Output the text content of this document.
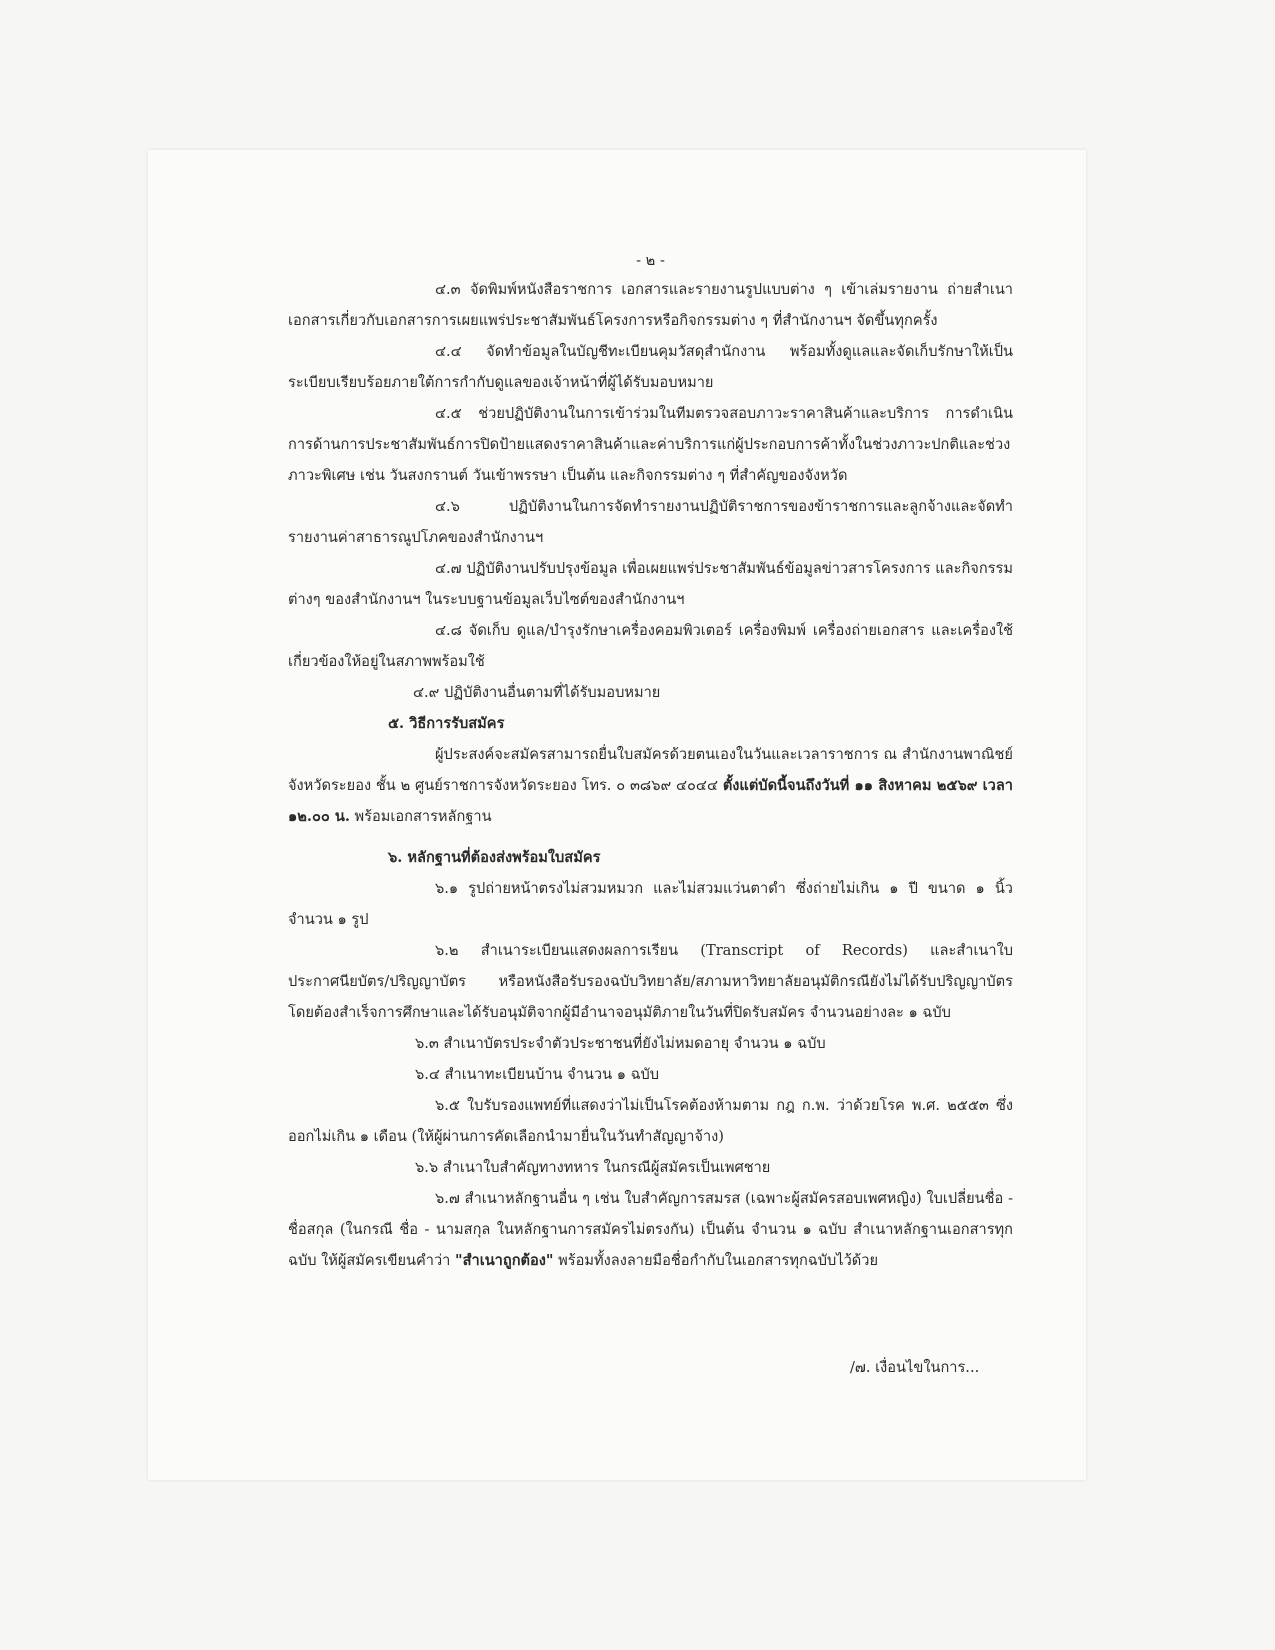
- ๒ -

๔.๓ จัดพิมพ์หนังสือราชการ เอกสารและรายงานรูปแบบต่าง ๆ เข้าเล่มรายงาน ถ่ายสำเนาเอกสารเกี่ยวกับเอกสารการเผยแพร่ประชาสัมพันธ์โครงการหรือกิจกรรมต่าง ๆ ที่สำนักงานฯ จัดขึ้นทุกครั้ง

๔.๔ จัดทำข้อมูลในบัญชีทะเบียนคุมวัสดุสำนักงาน พร้อมทั้งดูแลและจัดเก็บรักษาให้เป็นระเบียบเรียบร้อยภายใต้การกำกับดูแลของเจ้าหน้าที่ผู้ได้รับมอบหมาย

๔.๕ ช่วยปฏิบัติงานในการเข้าร่วมในทีมตรวจสอบภาวะราคาสินค้าและบริการ การดำเนินการด้านการประชาสัมพันธ์การปิดป้ายแสดงราคาสินค้าและค่าบริการแก่ผู้ประกอบการค้าทั้งในช่วงภาวะปกติและช่วงภาวะพิเศษ เช่น วันสงกรานต์ วันเข้าพรรษา เป็นต้น และกิจกรรมต่าง ๆ ที่สำคัญของจังหวัด

๔.๖ ปฏิบัติงานในการจัดทำรายงานปฏิบัติราชการของข้าราชการและลูกจ้างและจัดทำรายงานค่าสาธารณูปโภคของสำนักงานฯ

๔.๗ ปฏิบัติงานปรับปรุงข้อมูล เพื่อเผยแพร่ประชาสัมพันธ์ข้อมูลข่าวสารโครงการ และกิจกรรมต่างๆ ของสำนักงานฯ ในระบบฐานข้อมูลเว็บไซต์ของสำนักงานฯ

๔.๘ จัดเก็บ ดูแล/บำรุงรักษาเครื่องคอมพิวเตอร์ เครื่องพิมพ์ เครื่องถ่ายเอกสาร และเครื่องใช้เกี่ยวข้องให้อยู่ในสภาพพร้อมใช้

๔.๙ ปฏิบัติงานอื่นตามที่ได้รับมอบหมาย

๕. วิธีการรับสมัคร

ผู้ประสงค์จะสมัครสามารถยื่นใบสมัครด้วยตนเองในวันและเวลาราชการ ณ สำนักงานพาณิชย์จังหวัดระยอง ชั้น ๒ ศูนย์ราชการจังหวัดระยอง โทร. ๐ ๓๘๖๙ ๔๐๔๔ ตั้งแต่บัดนี้จนถึงวันที่ ๑๑ สิงหาคม ๒๕๖๙ เวลา ๑๒.๐๐ น. พร้อมเอกสารหลักฐาน

๖. หลักฐานที่ต้องส่งพร้อมใบสมัคร

๖.๑ รูปถ่ายหน้าตรงไม่สวมหมวก และไม่สวมแว่นตาดำ ซึ่งถ่ายไม่เกิน ๑ ปี ขนาด ๑ นิ้ว จำนวน ๑ รูป

๖.๒ สำเนาระเบียนแสดงผลการเรียน (Transcript of Records) และสำเนาใบประกาศนียบัตร/ปริญญาบัตร หรือหนังสือรับรองฉบับวิทยาลัย/สภามหาวิทยาลัยอนุมัติกรณียังไม่ได้รับปริญญาบัตร โดยต้องสำเร็จการศึกษาและได้รับอนุมัติจากผู้มีอำนาจอนุมัติภายในวันที่ปิดรับสมัคร จำนวนอย่างละ ๑ ฉบับ

๖.๓ สำเนาบัตรประจำตัวประชาชนที่ยังไม่หมดอายุ จำนวน ๑ ฉบับ

๖.๔ สำเนาทะเบียนบ้าน จำนวน ๑ ฉบับ

๖.๕ ใบรับรองแพทย์ที่แสดงว่าไม่เป็นโรคต้องห้ามตาม กฎ ก.พ. ว่าด้วยโรค พ.ศ. ๒๕๕๓ ซึ่งออกไม่เกิน ๑ เดือน (ให้ผู้ผ่านการคัดเลือกนำมายื่นในวันทำสัญญาจ้าง)

๖.๖ สำเนาใบสำคัญทางทหาร ในกรณีผู้สมัครเป็นเพศชาย

๖.๗ สำเนาหลักฐานอื่น ๆ เช่น ใบสำคัญการสมรส (เฉพาะผู้สมัครสอบเพศหญิง) ใบเปลี่ยนชื่อ - ชื่อสกุล (ในกรณี ชื่อ - นามสกุล ในหลักฐานการสมัครไม่ตรงกัน) เป็นต้น จำนวน ๑ ฉบับ สำเนาหลักฐานเอกสารทุกฉบับ ให้ผู้สมัครเขียนคำว่า "สำเนาถูกต้อง" พร้อมทั้งลงลายมือชื่อกำกับในเอกสารทุกฉบับไว้ด้วย

/๗. เงื่อนไขในการ...
